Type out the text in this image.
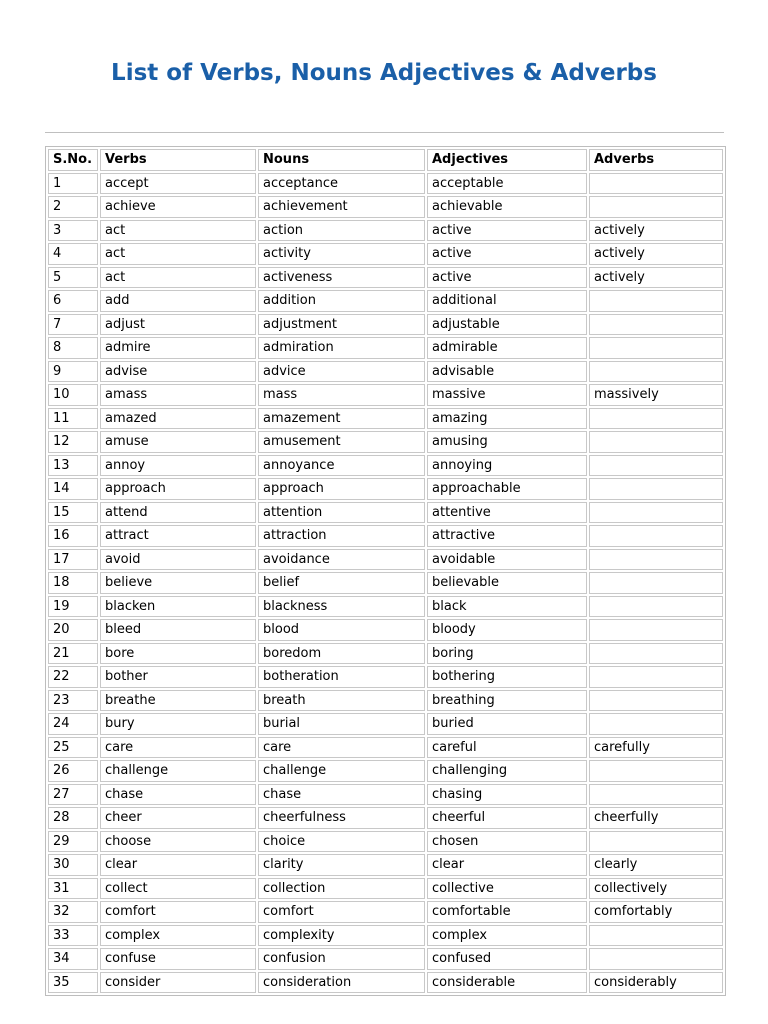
List of Verbs, Nouns Adjectives & Adverbs
S.No.	Verbs	Nouns	Adjectives	Adverbs
1	accept	acceptance	acceptable	
2	achieve	achievement	achievable	
3	act	action	active	actively
4	act	activity	active	actively
5	act	activeness	active	actively
6	add	addition	additional	
7	adjust	adjustment	adjustable	
8	admire	admiration	admirable	
9	advise	advice	advisable	
10	amass	mass	massive	massively
11	amazed	amazement	amazing	
12	amuse	amusement	amusing	
13	annoy	annoyance	annoying	
14	approach	approach	approachable	
15	attend	attention	attentive	
16	attract	attraction	attractive	
17	avoid	avoidance	avoidable	
18	believe	belief	believable	
19	blacken	blackness	black	
20	bleed	blood	bloody	
21	bore	boredom	boring	
22	bother	botheration	bothering	
23	breathe	breath	breathing	
24	bury	burial	buried	
25	care	care	careful	carefully
26	challenge	challenge	challenging	
27	chase	chase	chasing	
28	cheer	cheerfulness	cheerful	cheerfully
29	choose	choice	chosen	
30	clear	clarity	clear	clearly
31	collect	collection	collective	collectively
32	comfort	comfort	comfortable	comfortably
33	complex	complexity	complex	
34	confuse	confusion	confused	
35	consider	consideration	considerable	considerably
